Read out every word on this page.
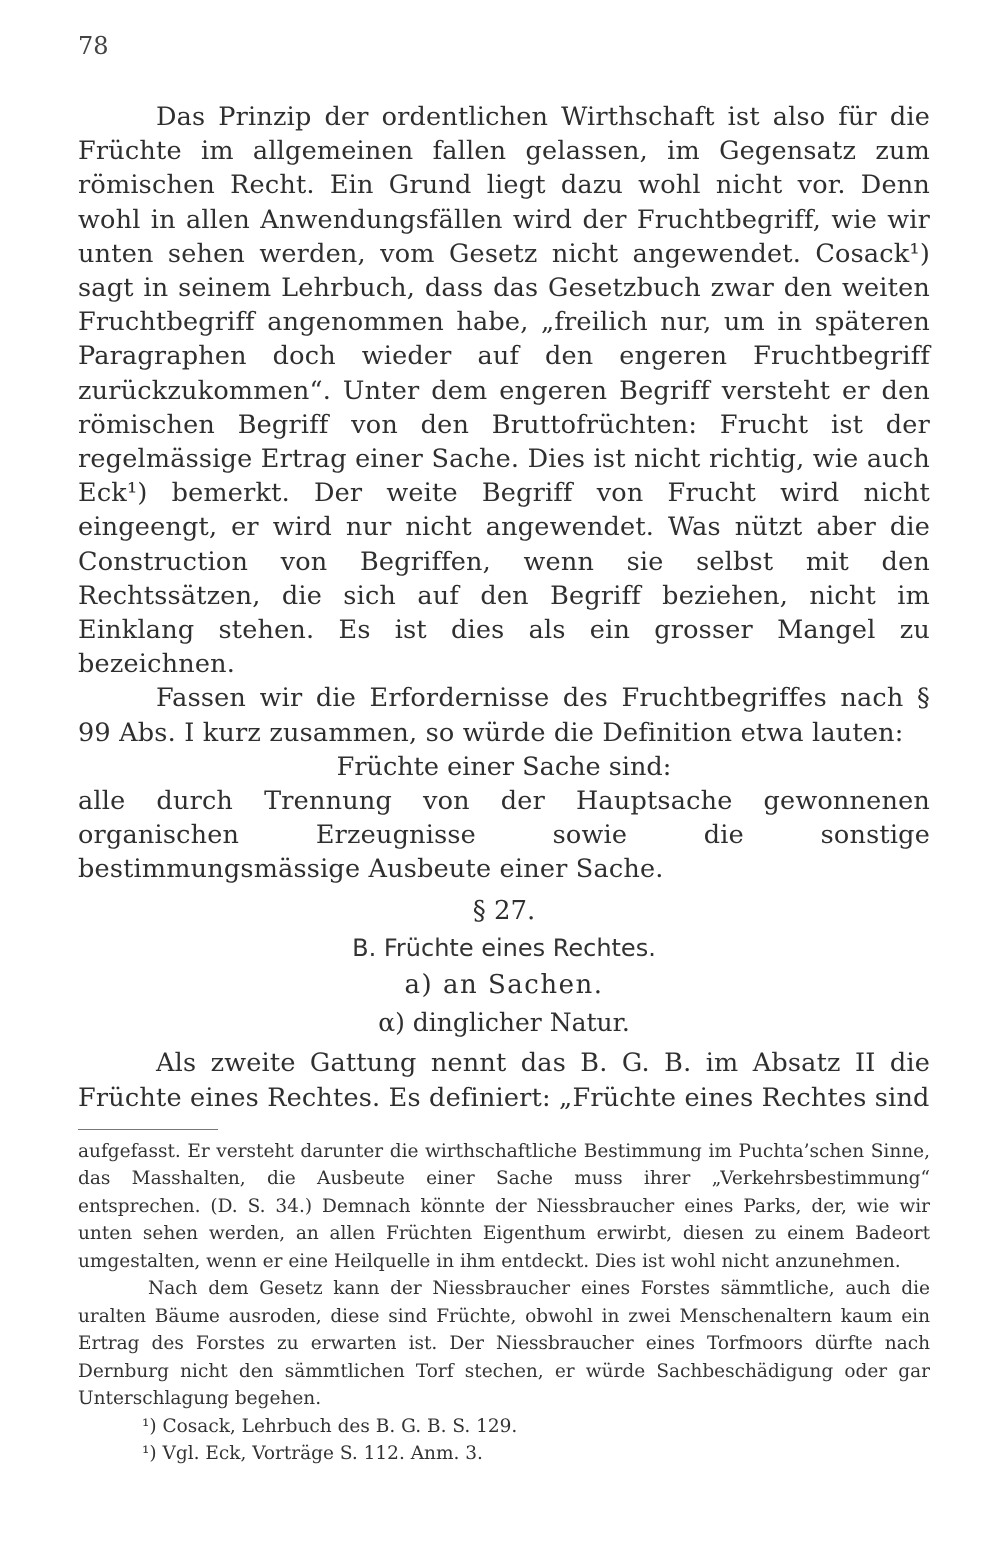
78

Das Prinzip der ordentlichen Wirthschaft ist also für die Früchte im allgemeinen fallen gelassen, im Gegensatz zum römischen Recht. Ein Grund liegt dazu wohl nicht vor. Denn wohl in allen Anwendungsfällen wird der Fruchtbegriff, wie wir unten sehen werden, vom Gesetz nicht angewendet. Cosack¹) sagt in seinem Lehrbuch, dass das Gesetzbuch zwar den weiten Fruchtbegriff angenommen habe, „freilich nur, um in späteren Paragraphen doch wieder auf den engeren Fruchtbegriff zurückzukommen“. Unter dem engeren Begriff versteht er den römischen Begriff von den Bruttofrüchten: Frucht ist der regelmässige Ertrag einer Sache. Dies ist nicht richtig, wie auch Eck¹) bemerkt. Der weite Begriff von Frucht wird nicht eingeengt, er wird nur nicht angewendet. Was nützt aber die Construction von Begriffen, wenn sie selbst mit den Rechtssätzen, die sich auf den Begriff beziehen, nicht im Einklang stehen. Es ist dies als ein grosser Mangel zu bezeichnen.

Fassen wir die Erfordernisse des Fruchtbegriffes nach § 99 Abs. I kurz zusammen, so würde die Definition etwa lauten:

Früchte einer Sache sind:

alle durch Trennung von der Hauptsache gewonnenen organischen Erzeugnisse sowie die sonstige bestimmungsmässige Ausbeute einer Sache.

§ 27.
B. Früchte eines Rechtes.
a) an Sachen.
α) dinglicher Natur.

Als zweite Gattung nennt das B. G. B. im Absatz II die Früchte eines Rechtes. Es definiert: „Früchte eines Rechtes sind

aufgefasst. Er versteht darunter die wirthschaftliche Bestimmung im Puchta’schen Sinne, das Masshalten, die Ausbeute einer Sache muss ihrer „Verkehrsbestimmung“ entsprechen. (D. S. 34.) Demnach könnte der Niessbraucher eines Parks, der, wie wir unten sehen werden, an allen Früchten Eigenthum erwirbt, diesen zu einem Badeort umgestalten, wenn er eine Heilquelle in ihm entdeckt. Dies ist wohl nicht anzunehmen.

Nach dem Gesetz kann der Niessbraucher eines Forstes sämmtliche, auch die uralten Bäume ausroden, diese sind Früchte, obwohl in zwei Menschenaltern kaum ein Ertrag des Forstes zu erwarten ist. Der Niessbraucher eines Torfmoors dürfte nach Dernburg nicht den sämmtlichen Torf stechen, er würde Sachbeschädigung oder gar Unterschlagung begehen.

¹) Cosack, Lehrbuch des B. G. B. S. 129.

¹) Vgl. Eck, Vorträge S. 112. Anm. 3.
